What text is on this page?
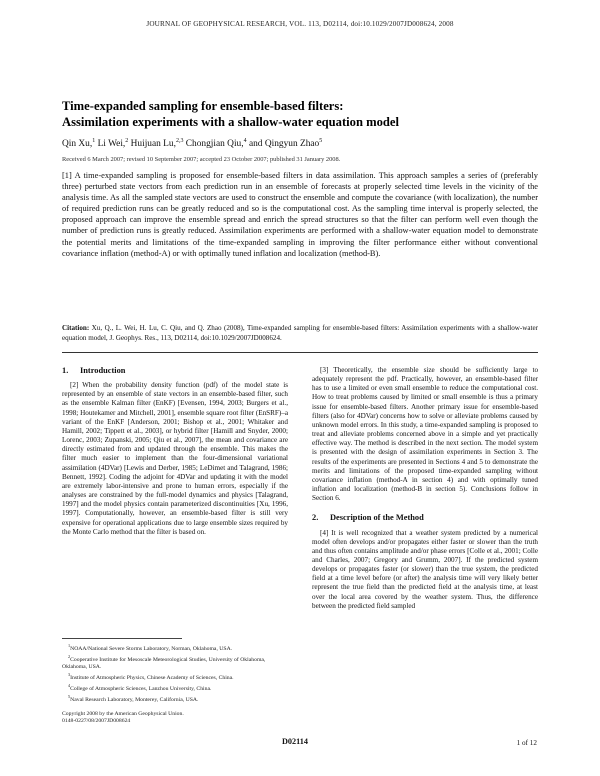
JOURNAL OF GEOPHYSICAL RESEARCH, VOL. 113, D02114, doi:10.1029/2007JD008624, 2008
Time-expanded sampling for ensemble-based filters:
Assimilation experiments with a shallow-water equation model
Qin Xu,$^1$ Li Wei,$^2$ Huijuan Lu,$^{2,3}$ Chongjian Qiu,$^4$ and Qingyun Zhao$^5$
Received 6 March 2007; revised 10 September 2007; accepted 23 October 2007; published 31 January 2008.
[1] A time-expanded sampling is proposed for ensemble-based filters in data assimilation. This approach samples a series of (preferably three) perturbed state vectors from each prediction run in an ensemble of forecasts at properly selected time levels in the vicinity of the analysis time. As all the sampled state vectors are used to construct the ensemble and compute the covariance (with localization), the number of required prediction runs can be greatly reduced and so is the computational cost. As the sampling time interval is properly selected, the proposed approach can improve the ensemble spread and enrich the spread structures so that the filter can perform well even though the number of prediction runs is greatly reduced. Assimilation experiments are performed with a shallow-water equation model to demonstrate the potential merits and limitations of the time-expanded sampling in improving the filter performance either without conventional covariance inflation (method-A) or with optimally tuned inflation and localization (method-B).
Citation: Xu, Q., L. Wei, H. Lu, C. Qiu, and Q. Zhao (2008), Time-expanded sampling for ensemble-based filters: Assimilation experiments with a shallow-water equation model, J. Geophys. Res., 113, D02114, doi:10.1029/2007JD008624.
1. Introduction

[2] When the probability density function (pdf) of the model state is represented by an ensemble of state vectors in an ensemble-based filter, such as the ensemble Kalman filter (EnKF) [Evensen, 1994, 2003; Burgers et al., 1998; Houtekamer and Mitchell, 2001], ensemble square root filter (EnSRF)–a variant of the EnKF [Anderson, 2001; Bishop et al., 2001; Whitaker and Hamill, 2002; Tippett et al., 2003], or hybrid filter [Hamill and Snyder, 2000; Lorenc, 2003; Zupanski, 2005; Qiu et al., 2007], the mean and covariance are directly estimated from and updated through the ensemble. This makes the filter much easier to implement than the four-dimensional variational assimilation (4DVar) [Lewis and Derber, 1985; LeDimet and Talagrand, 1986; Bennett, 1992]. Coding the adjoint for 4DVar and updating it with the model are extremely labor-intensive and prone to human errors, especially if the analyses are constrained by the full-model dynamics and physics [Talagrand, 1997] and the model physics contain parameterized discontinuities [Xu, 1996, 1997]. Computationally, however, an ensemble-based filter is still very expensive for operational applications due to large ensemble sizes required by the Monte Carlo method that the filter is based on.

$^1$NOAA/National Severe Storms Laboratory, Norman, Oklahoma, USA.

$^2$Cooperative Institute for Mesoscale Meteorological Studies, University of Oklahoma, Oklahoma, USA.

$^3$Institute of Atmospheric Physics, Chinese Academy of Sciences, China.

$^4$College of Atmospheric Sciences, Lanzhou University, China.

$^5$Naval Research Laboratory, Monterey, California, USA.

Copyright 2008 by the American Geophysical Union.
0148-0227/08/2007JD008624

[3] Theoretically, the ensemble size should be sufficiently large to adequately represent the pdf. Practically, however, an ensemble-based filter has to use a limited or even small ensemble to reduce the computational cost. How to treat problems caused by limited or small ensemble is thus a primary issue for ensemble-based filters. Another primary issue for ensemble-based filters (also for 4DVar) concerns how to solve or alleviate problems caused by unknown model errors. In this study, a time-expanded sampling is proposed to treat and alleviate problems concerned above in a simple and yet practically effective way. The method is described in the next section. The model system is presented with the design of assimilation experiments in Section 3. The results of the experiments are presented in Sections 4 and 5 to demonstrate the merits and limitations of the proposed time-expanded sampling without covariance inflation (method-A in section 4) and with optimally tuned inflation and localization (method-B in section 5). Conclusions follow in Section 6.

2. Description of the Method

[4] It is well recognized that a weather system predicted by a numerical model often develops and/or propagates either faster or slower than the truth and thus often contains amplitude and/or phase errors [Colle et al., 2001; Colle and Charles, 2007; Gregory and Grumm, 2007]. If the predicted system develops or propagates faster (or slower) than the true system, the predicted field at a time level before (or after) the analysis time will very likely better represent the true field than the predicted field at the analysis time, at least over the local area covered by the weather system. Thus, the difference between the predicted field sampled

D02114	1 of 12
